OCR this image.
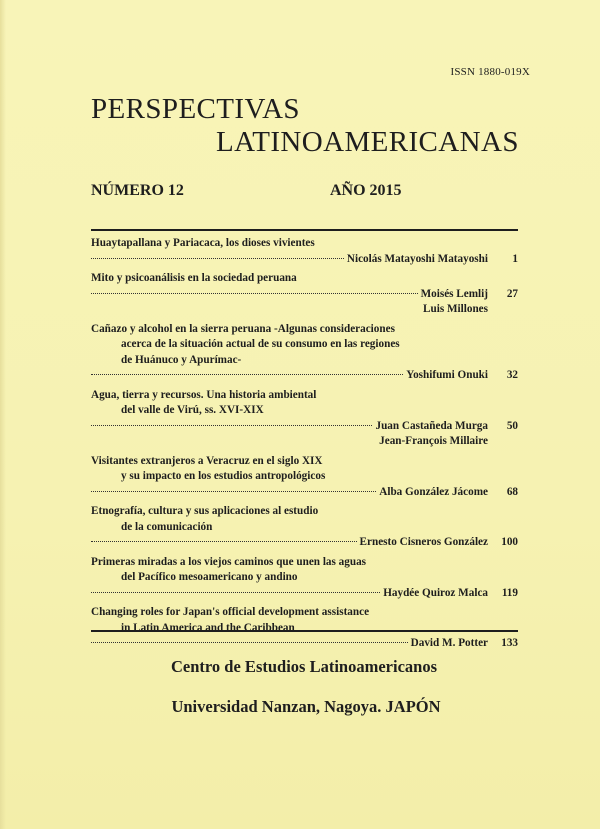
ISSN 1880-019X
PERSPECTIVAS
LATINOAMERICANAS
NÚMERO 12	AÑO 2015
Huaytapallana y Pariacaca, los dioses vivientes
Nicolás Matayoshi Matayoshi	1
Mito y psicoanálisis en la sociedad peruana
Moisés Lemlij	27
Luis Millones
Cañazo y alcohol en la sierra peruana -Algunas consideraciones
acerca de la situación actual de su consumo en las regiones
de Huánuco y Apurímac-
Yoshifumi Onuki	32
Agua, tierra y recursos. Una historia ambiental
del valle de Virú, ss. XVI-XIX
Juan Castañeda Murga	50
Jean-François Millaire
Visitantes extranjeros a Veracruz en el siglo XIX
y su impacto en los estudios antropológicos
Alba González Jácome	68
Etnografía, cultura y sus aplicaciones al estudio
de la comunicación
Ernesto Cisneros González	100
Primeras miradas a los viejos caminos que unen las aguas
del Pacífico mesoamericano y andino
Haydée Quiroz Malca	119
Changing roles for Japan's official development assistance
in Latin America and the Caribbean
David M. Potter	133
Centro de Estudios Latinoamericanos
Universidad Nanzan, Nagoya. JAPÓN
